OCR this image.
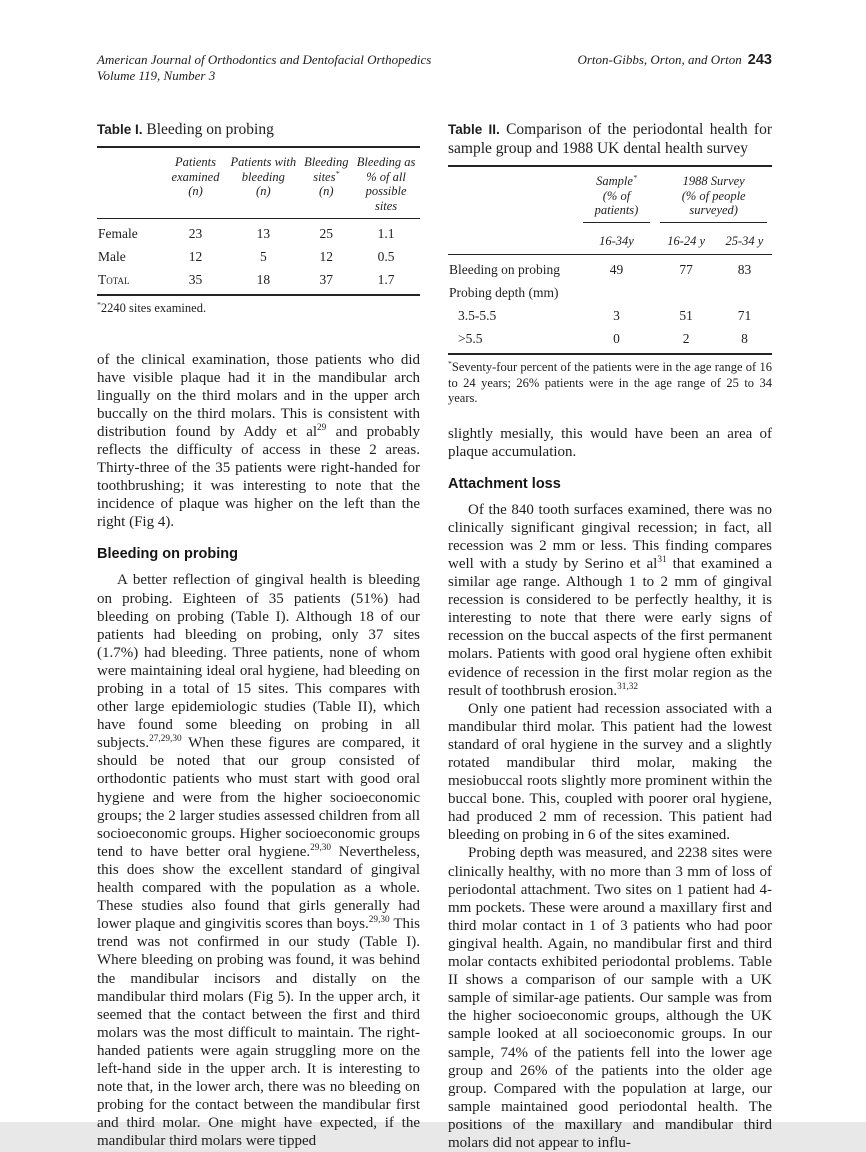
American Journal of Orthodontics and Dentofacial Orthopedics
Volume 119, Number 3
Orton-Gibbs, Orton, and Orton 243
Table I. Bleeding on probing

Patients
examined
(n)

Patients with
bleeding
(n)

Bleeding
sites*
(n)

Bleeding as
% of all
possible sites

Female	23	13	25	1.1
Male	12	5	12	0.5
Total	35	18	37	1.7
*2240 sites examined.

of the clinical examination, those patients who did have visible plaque had it in the mandibular arch lingually on the third molars and in the upper arch buccally on the third molars. This is consistent with distribution found by Addy et $al^{29}$ and probably reflects the difficulty of access in these 2 areas. Thirty-three of the 35 patients were right-handed for toothbrushing; it was interesting to note that the incidence of plaque was higher on the left than the right (Fig 4).

Bleeding on probing

A better reflection of gingival health is bleeding on probing. Eighteen of 35 patients (51%) had bleeding on probing (Table I). Although 18 of our patients had bleeding on probing, only 37 sites (1.7%) had bleeding. Three patients, none of whom were maintaining ideal oral hygiene, had bleeding on probing in a total of 15 sites. This compares with other large epidemiologic studies (Table II), which have found some bleeding on probing in all subjects.$^{27,29,30}$ When these figures are compared, it should be noted that our group consisted of orthodontic patients who must start with good oral hygiene and were from the higher socioeconomic groups; the 2 larger studies assessed children from all socioeconomic groups. Higher socioeconomic groups tend to have better oral hygiene.$^{29,30}$ Nevertheless, this does show the excellent standard of gingival health compared with the population as a whole. These studies also found that girls generally had lower plaque and gingivitis scores than boys.$^{29,30}$ This trend was not confirmed in our study (Table I). Where bleeding on probing was found, it was behind the mandibular incisors and distally on the mandibular third molars (Fig 5). In the upper arch, it seemed that the contact between the first and third molars was the most difficult to maintain. The right-handed patients were again struggling more on the left-hand side in the upper arch. It is interesting to note that, in the lower arch, there was no bleeding on probing for the contact between the mandibular first and third molar. One might have expected, if the mandibular third molars were tipped

Table II. Comparison of the periodontal health for sample group and 1988 UK dental health survey

Sample*
(% of patients)

1988 Survey
(% of people surveyed)

	16-34y	16-24 y	25-34 y
Bleeding on probing	49	77	83
Probing depth (mm)			
3.5-5.5	3	51	71
>5.5	0	2	8
*Seventy-four percent of the patients were in the age range of 16 to 24 years; 26% patients were in the age range of 25 to 34 years.

slightly mesially, this would have been an area of plaque accumulation.

Attachment loss

Of the 840 tooth surfaces examined, there was no clinically significant gingival recession; in fact, all recession was 2 mm or less. This finding compares well with a study by Serino et $al^{31}$ that examined a similar age range. Although 1 to 2 mm of gingival recession is considered to be perfectly healthy, it is interesting to note that there were early signs of recession on the buccal aspects of the first permanent molars. Patients with good oral hygiene often exhibit evidence of recession in the first molar region as the result of toothbrush erosion.$^{31,32}$

Only one patient had recession associated with a mandibular third molar. This patient had the lowest standard of oral hygiene in the survey and a slightly rotated mandibular third molar, making the mesiobuccal roots slightly more prominent within the buccal bone. This, coupled with poorer oral hygiene, had produced 2 mm of recession. This patient had bleeding on probing in 6 of the sites examined.

Probing depth was measured, and 2238 sites were clinically healthy, with no more than 3 mm of loss of periodontal attachment. Two sites on 1 patient had 4-mm pockets. These were around a maxillary first and third molar contact in 1 of 3 patients who had poor gingival health. Again, no mandibular first and third molar contacts exhibited periodontal problems. Table II shows a comparison of our sample with a UK sample of similar-age patients. Our sample was from the higher socioeconomic groups, although the UK sample looked at all socioeconomic groups. In our sample, 74% of the patients fell into the lower age group and 26% of the patients into the older age group. Compared with the population at large, our sample maintained good periodontal health. The positions of the maxillary and mandibular third molars did not appear to influ-
